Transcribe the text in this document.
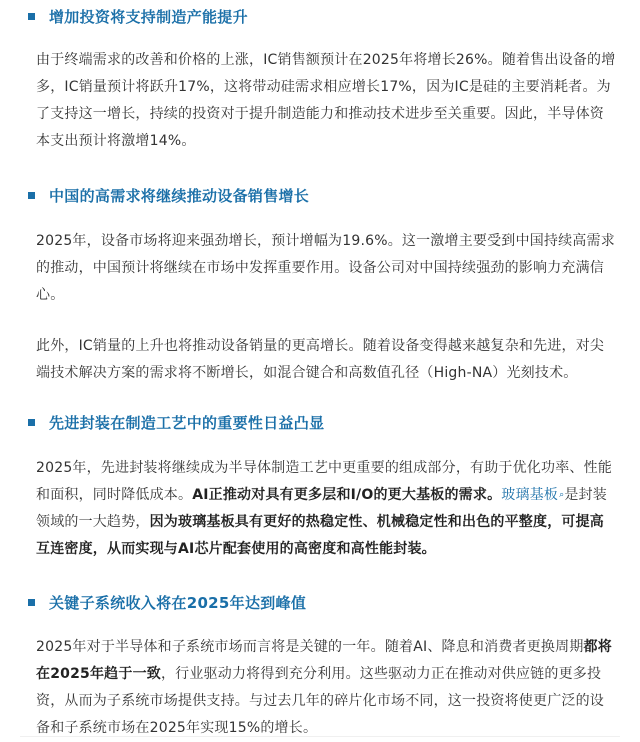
增加投资将支持制造产能提升
由于终端需求的改善和价格的上涨，IC销售额预计在2025年将增长26%。随着售出设备的增
多，IC销量预计将跃升17%，这将带动硅需求相应增长17%，因为IC是硅的主要消耗者。为
了支持这一增长，持续的投资对于提升制造能力和推动技术进步至关重要。因此，半导体资
本支出预计将激增14%。
中国的高需求将继续推动设备销售增长
2025年，设备市场将迎来强劲增长，预计增幅为19.6%。这一激增主要受到中国持续高需求
的推动，中国预计将继续在市场中发挥重要作用。设备公司对中国持续强劲的影响力充满信
心。
此外，IC销量的上升也将推动设备销量的更高增长。随着设备变得越来越复杂和先进，对尖
端技术解决方案的需求将不断增长，如混合键合和高数值孔径（High-NA）光刻技术。
先进封装在制造工艺中的重要性日益凸显
2025年，先进封装将继续成为半导体制造工艺中更重要的组成部分，有助于优化功率、性能
和面积，同时降低成本。AI正推动对具有更多层和I/O的更大基板的需求。玻璃基板⌕是封装
领域的一大趋势，因为玻璃基板具有更好的热稳定性、机械稳定性和出色的平整度，可提高
互连密度，从而实现与AI芯片配套使用的高密度和高性能封装。
关键子系统收入将在2025年达到峰值
2025年对于半导体和子系统市场而言将是关键的一年。随着AI、降息和消费者更换周期都将
在2025年趋于一致，行业驱动力将得到充分利用。这些驱动力正在推动对供应链的更多投
资，从而为子系统市场提供支持。与过去几年的碎片化市场不同，这一投资将使更广泛的设
备和子系统市场在2025年实现15%的增长。
